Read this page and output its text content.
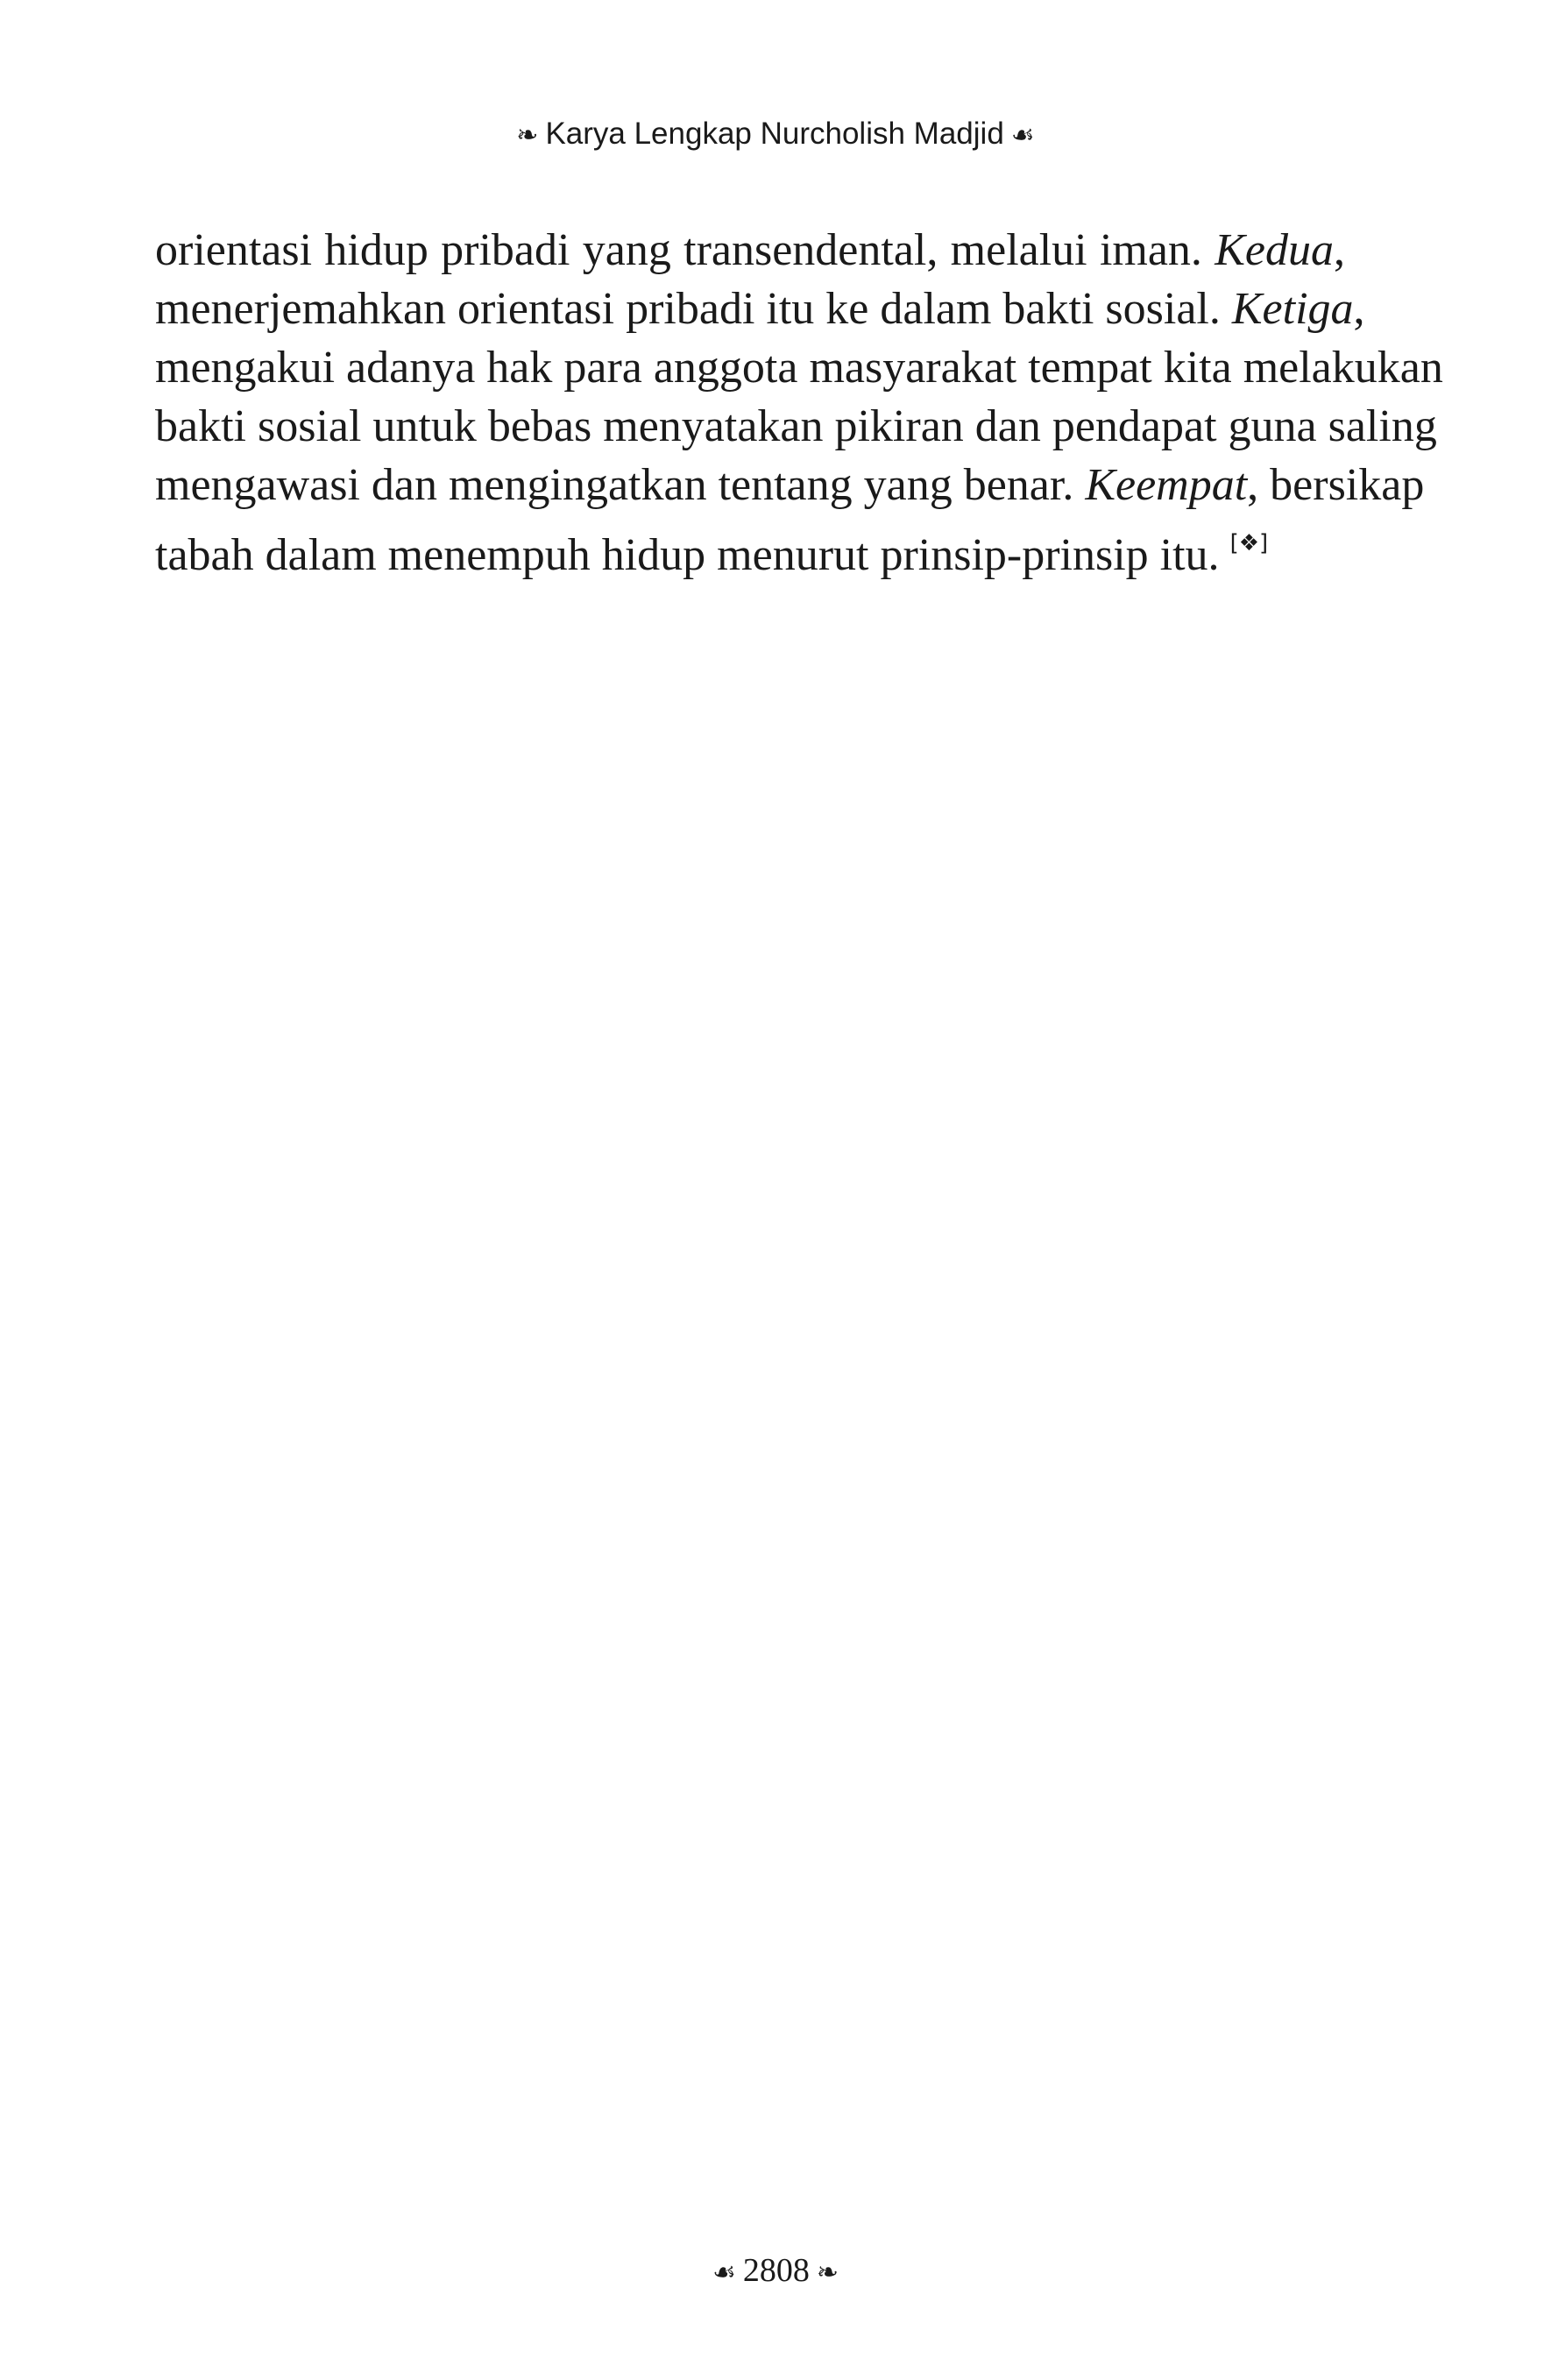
❧ Karya Lengkap Nurcholish Madjid ☙
orientasi hidup pribadi yang transendental, melalui iman. Kedua,
menerjemahkan orientasi pribadi itu ke dalam bakti sosial. Ketiga,
mengakui adanya hak para anggota masyarakat tempat kita melakukan
bakti sosial untuk bebas menyatakan pikiran dan pendapat guna saling
mengawasi dan mengingatkan tentang yang benar. Keempat, bersikap
tabah dalam menempuh hidup menurut prinsip-prinsip itu. [❖]
☙ 2808 ❧
